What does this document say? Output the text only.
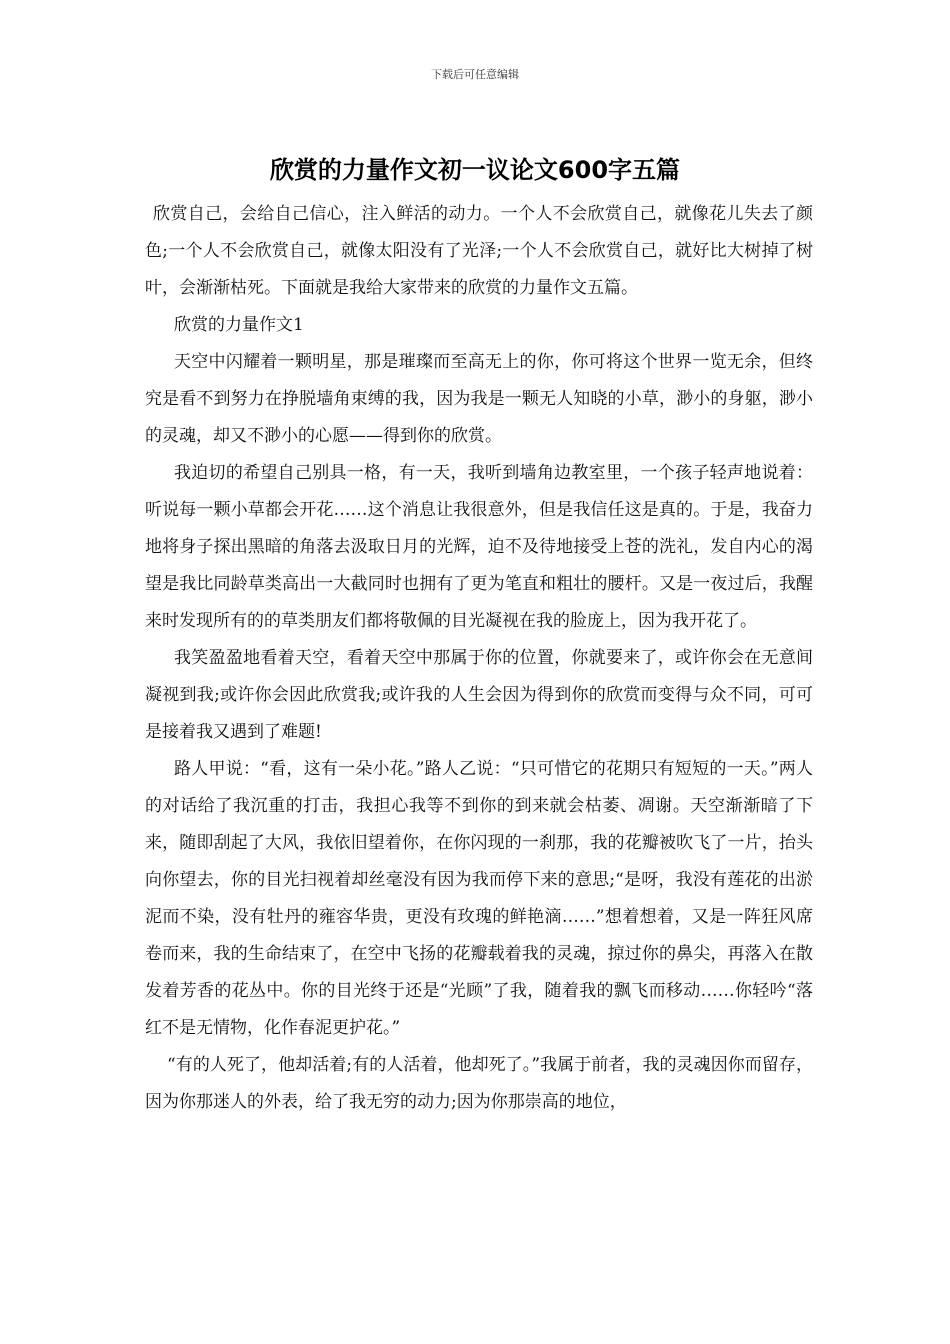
下载后可任意编辑
欣赏的力量作文初一议论文600字五篇

欣赏自己，会给自己信心，注入鲜活的动力。一个人不会欣赏自己，就像花儿失去了颜色;一个人不会欣赏自己，就像太阳没有了光泽;一个人不会欣赏自己，就好比大树掉了树叶，会渐渐枯死。下面就是我给大家带来的欣赏的力量作文五篇。

欣赏的力量作文1

天空中闪耀着一颗明星，那是璀璨而至高无上的你，你可将这个世界一览无余，但终究是看不到努力在挣脱墙角束缚的我，因为我是一颗无人知晓的小草，渺小的身躯，渺小的灵魂，却又不渺小的心愿——得到你的欣赏。

我迫切的希望自己别具一格，有一天，我听到墙角边教室里，一个孩子轻声地说着：听说每一颗小草都会开花……这个消息让我很意外，但是我信任这是真的。于是，我奋力地将身子探出黑暗的角落去汲取日月的光辉，迫不及待地接受上苍的洗礼，发自内心的渴望是我比同龄草类高出一大截同时也拥有了更为笔直和粗壮的腰杆。又是一夜过后，我醒来时发现所有的的草类朋友们都将敬佩的目光凝视在我的脸庞上，因为我开花了。

我笑盈盈地看着天空，看着天空中那属于你的位置，你就要来了，或许你会在无意间凝视到我;或许你会因此欣赏我;或许我的人生会因为得到你的欣赏而变得与众不同，可可是接着我又遇到了难题!

路人甲说：“看，这有一朵小花。”路人乙说：“只可惜它的花期只有短短的一天。”两人的对话给了我沉重的打击，我担心我等不到你的到来就会枯萎、凋谢。天空渐渐暗了下来，随即刮起了大风，我依旧望着你，在你闪现的一刹那，我的花瓣被吹飞了一片，抬头向你望去，你的目光扫视着却丝毫没有因为我而停下来的意思;“是呀，我没有莲花的出淤泥而不染，没有牡丹的雍容华贵，更没有玫瑰的鲜艳滴……”想着想着，又是一阵狂风席卷而来，我的生命结束了，在空中飞扬的花瓣载着我的灵魂，掠过你的鼻尖，再落入在散发着芳香的花丛中。你的目光终于还是“光顾”了我，随着我的飘飞而移动……你轻吟“落红不是无情物，化作春泥更护花。”

“有的人死了，他却活着;有的人活着，他却死了。”我属于前者，我的灵魂因你而留存，因为你那迷人的外表，给了我无穷的动力;因为你那崇高的地位，
